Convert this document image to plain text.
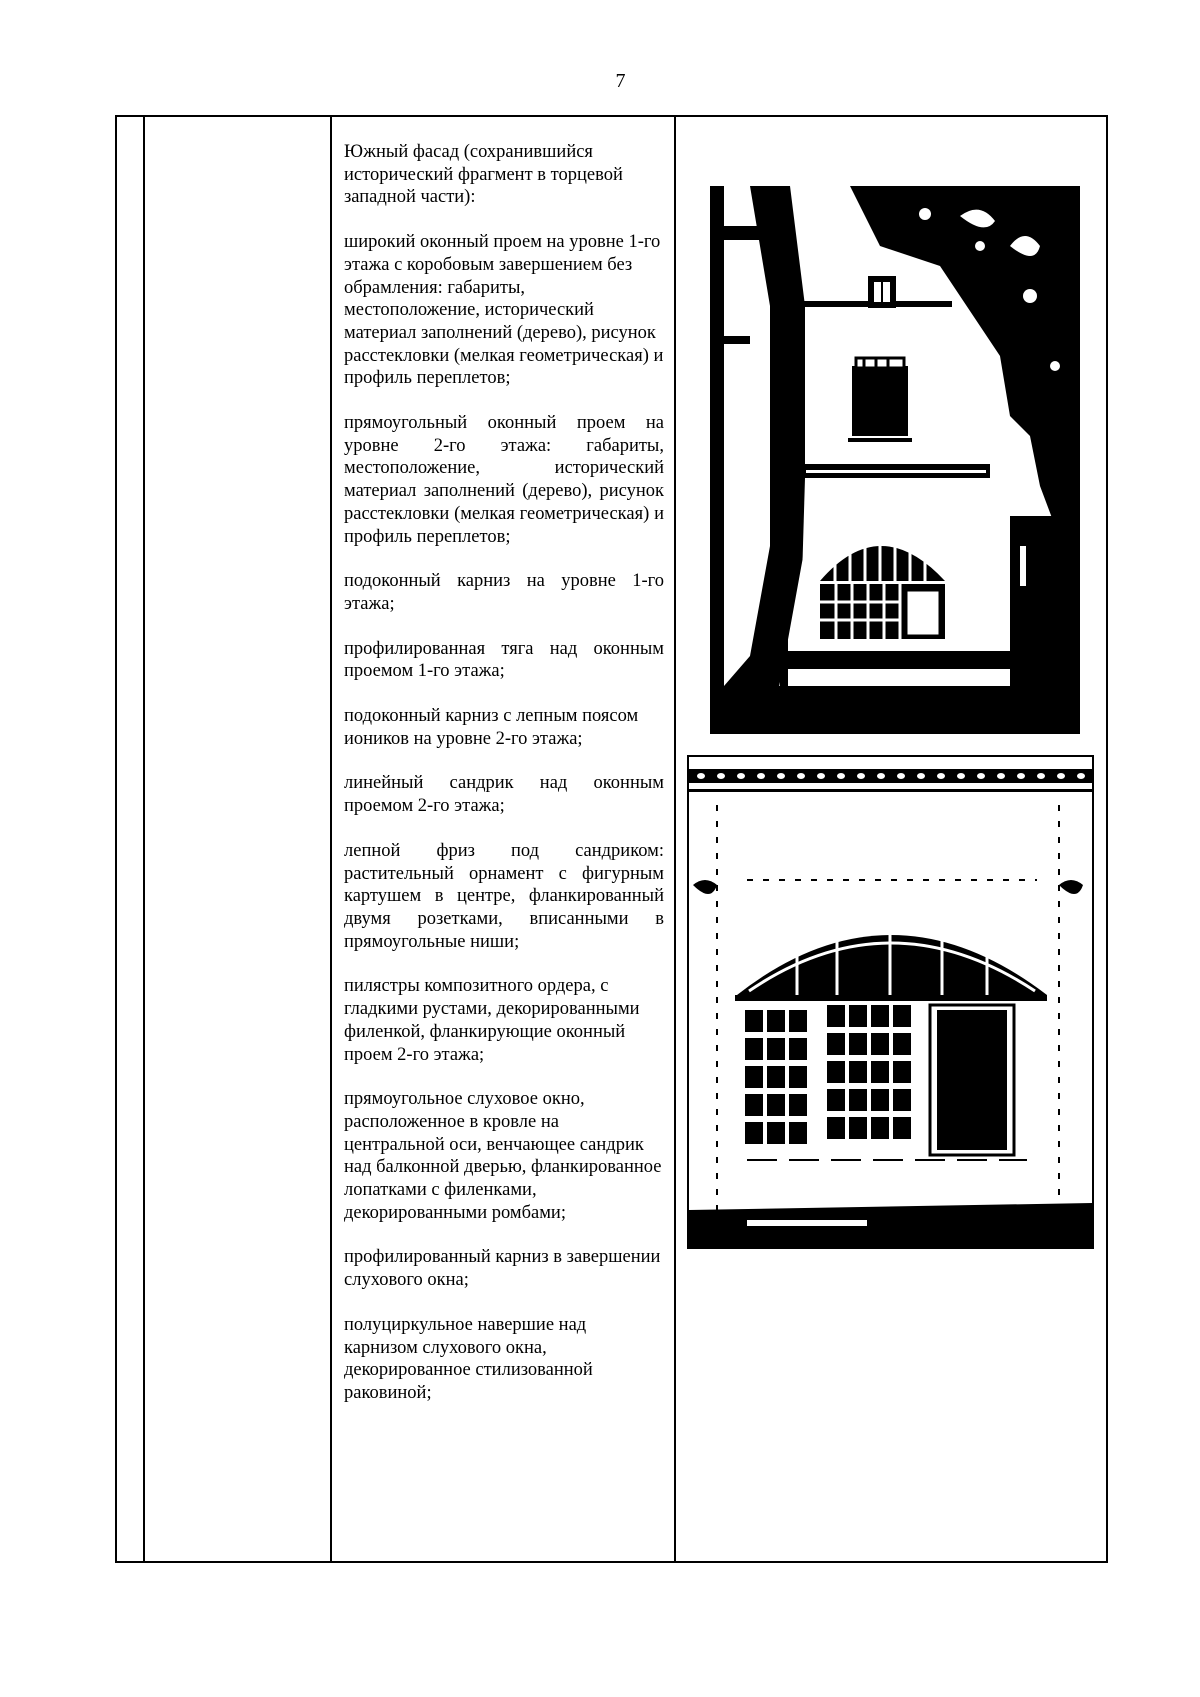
7

Южный фасад (сохранившийся исторический фрагмент в торцевой западной части):

широкий оконный проем на уровне 1-го этажа с коробовым завершением без обрамления: габариты, местоположение, исторический материал заполнений (дерево), рисунок расстекловки (мелкая геометрическая) и профиль переплетов;

прямоугольный оконный проем на уровне 2-го этажа: габариты, местоположение, исторический материал заполнений (дерево), рисунок расстекловки (мелкая геометрическая) и профиль переплетов;

подоконный карниз на уровне 1-го этажа;

профилированная тяга над оконным проемом 1-го этажа;

подоконный карниз с лепным поясом иоников на уровне 2-го этажа;

линейный сандрик над оконным проемом 2-го этажа;

лепной фриз под сандриком: растительный орнамент с фигурным картушем в центре, фланкированный двумя розетками, вписанными в прямоугольные ниши;

пилястры композитного ордера, с гладкими рустами, декорированными филенкой, фланкирующие оконный проем 2-го этажа;

прямоугольное слуховое окно, расположенное в кровле на центральной оси, венчающее сандрик над балконной дверью, фланкированное лопатками с филенками, декорированными ромбами;

профилированный карниз в завершении слухового окна;

полуциркульное навершие над карнизом слухового окна, декорированное стилизованной раковиной;
